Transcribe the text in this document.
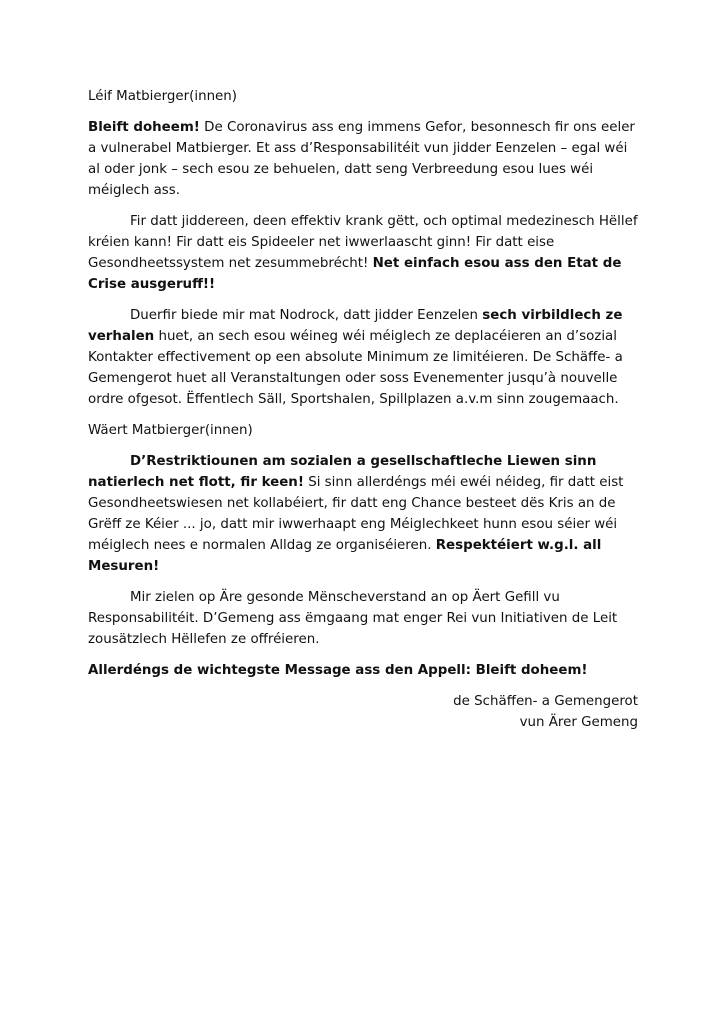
Léif Matbierger(innen)

Bleift doheem! De Coronavirus ass eng immens Gefor, besonnesch fir ons eeler a vulnerabel Matbierger. Et ass d’Responsabilitéit vun jidder Eenzelen – egal wéi al oder jonk – sech esou ze behuelen, datt seng Verbreedung esou lues wéi méiglech ass.

Fir datt jiddereen, deen effektiv krank gëtt, och optimal medezinesch Hëllef kréien kann! Fir datt eis Spideeler net iwwerlaascht ginn! Fir datt eise Gesondheetssystem net zesummebrécht! Net einfach esou ass den Etat de Crise ausgeruff!!

Duerfir biede mir mat Nodrock, datt jidder Eenzelen sech virbildlech ze verhalen huet, an sech esou wéineg wéi méiglech ze deplacéieren an d’sozial Kontakter effectivement op een absolute Minimum ze limitéieren. De Schäffe- a Gemengerot huet all Veranstaltungen oder soss Evenementer jusqu’à nouvelle ordre ofgesot. Ëffentlech Säll, Sportshalen, Spillplazen a.v.m sinn zougemaach.

Wäert Matbierger(innen)

D’Restriktiounen am sozialen a gesellschaftleche Liewen sinn natierlech net flott, fir keen! Si sinn allerdéngs méi ewéi néideg, fir datt eist Gesondheetswiesen net kollabéiert, fir datt eng Chance besteet dës Kris an de Grëff ze Kéier ... jo, datt mir iwwerhaapt eng Méiglechkeet hunn esou séier wéi méiglech nees e normalen Alldag ze organiséieren. Respektéiert w.g.l. all Mesuren!

Mir zielen op Äre gesonde Mënscheverstand an op Äert Gefill vu Responsabilitéit. D’Gemeng ass ëmgaang mat enger Rei vun Initiativen de Leit zousätzlech Hëllefen ze offréieren.

Allerdéngs de wichtegste Message ass den Appell: Bleift doheem!

de Schäffen- a Gemengerot
vun Ärer Gemeng
